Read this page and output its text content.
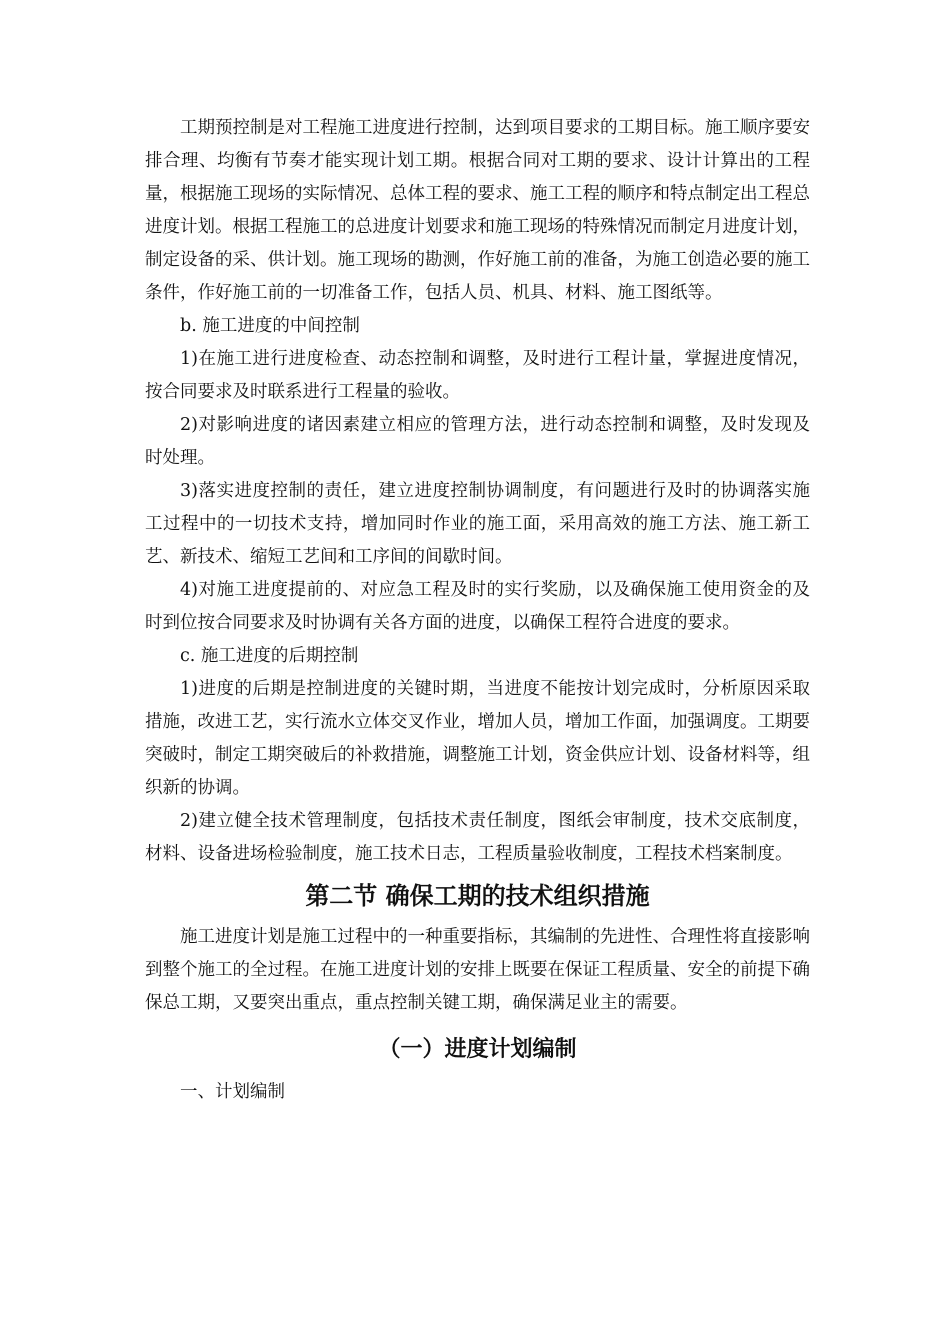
工期预控制是对工程施工进度进行控制，达到项目要求的工期目标。施工顺序要安排合理、均衡有节奏才能实现计划工期。根据合同对工期的要求、设计计算出的工程量，根据施工现场的实际情况、总体工程的要求、施工工程的顺序和特点制定出工程总进度计划。根据工程施工的总进度计划要求和施工现场的特殊情况而制定月进度计划，制定设备的采、供计划。施工现场的勘测，作好施工前的准备，为施工创造必要的施工条件，作好施工前的一切准备工作，包括人员、机具、材料、施工图纸等。

b. 施工进度的中间控制

1)在施工进行进度检查、动态控制和调整，及时进行工程计量，掌握进度情况，按合同要求及时联系进行工程量的验收。

2)对影响进度的诸因素建立相应的管理方法，进行动态控制和调整，及时发现及时处理。

3)落实进度控制的责任，建立进度控制协调制度，有问题进行及时的协调落实施工过程中的一切技术支持，增加同时作业的施工面，采用高效的施工方法、施工新工艺、新技术、缩短工艺间和工序间的间歇时间。

4)对施工进度提前的、对应急工程及时的实行奖励，以及确保施工使用资金的及时到位按合同要求及时协调有关各方面的进度，以确保工程符合进度的要求。

c. 施工进度的后期控制

1)进度的后期是控制进度的关键时期，当进度不能按计划完成时，分析原因采取措施，改进工艺，实行流水立体交叉作业，增加人员，增加工作面，加强调度。工期要突破时，制定工期突破后的补救措施，调整施工计划，资金供应计划、设备材料等，组织新的协调。

2)建立健全技术管理制度，包括技术责任制度，图纸会审制度，技术交底制度，材料、设备进场检验制度，施工技术日志，工程质量验收制度，工程技术档案制度。

第二节 确保工期的技术组织措施

施工进度计划是施工过程中的一种重要指标，其编制的先进性、合理性将直接影响到整个施工的全过程。在施工进度计划的安排上既要在保证工程质量、安全的前提下确保总工期，又要突出重点，重点控制关键工期，确保满足业主的需要。

（一）进度计划编制

一、计划编制
